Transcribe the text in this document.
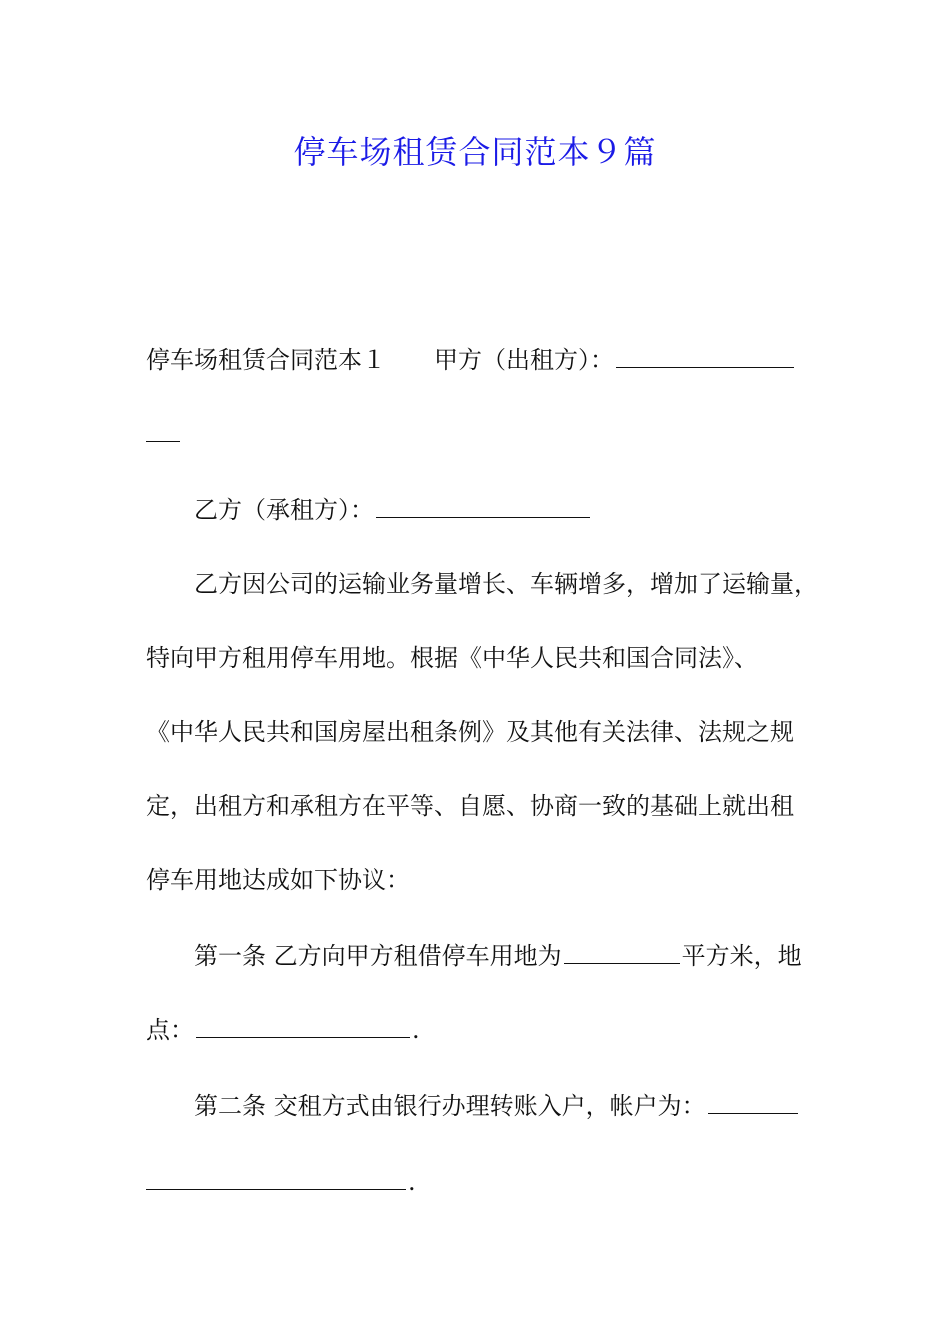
停车场租赁合同范本９篇
停车场租赁合同范本１ 甲方（出租方）：
乙方（承租方）：
乙方因公司的运输业务量增长、车辆增多，增加了运输量，
特向甲方租用停车用地。根据《中华人民共和国合同法》、
《中华人民共和国房屋出租条例》及其他有关法律、法规之规
定，出租方和承租方在平等、自愿、协商一致的基础上就出租
停车用地达成如下协议：
第一条 乙方向甲方租借停车用地为	平方米，地
点：	.
第二条 交租方式由银行办理转账入户，帐户为：
.
